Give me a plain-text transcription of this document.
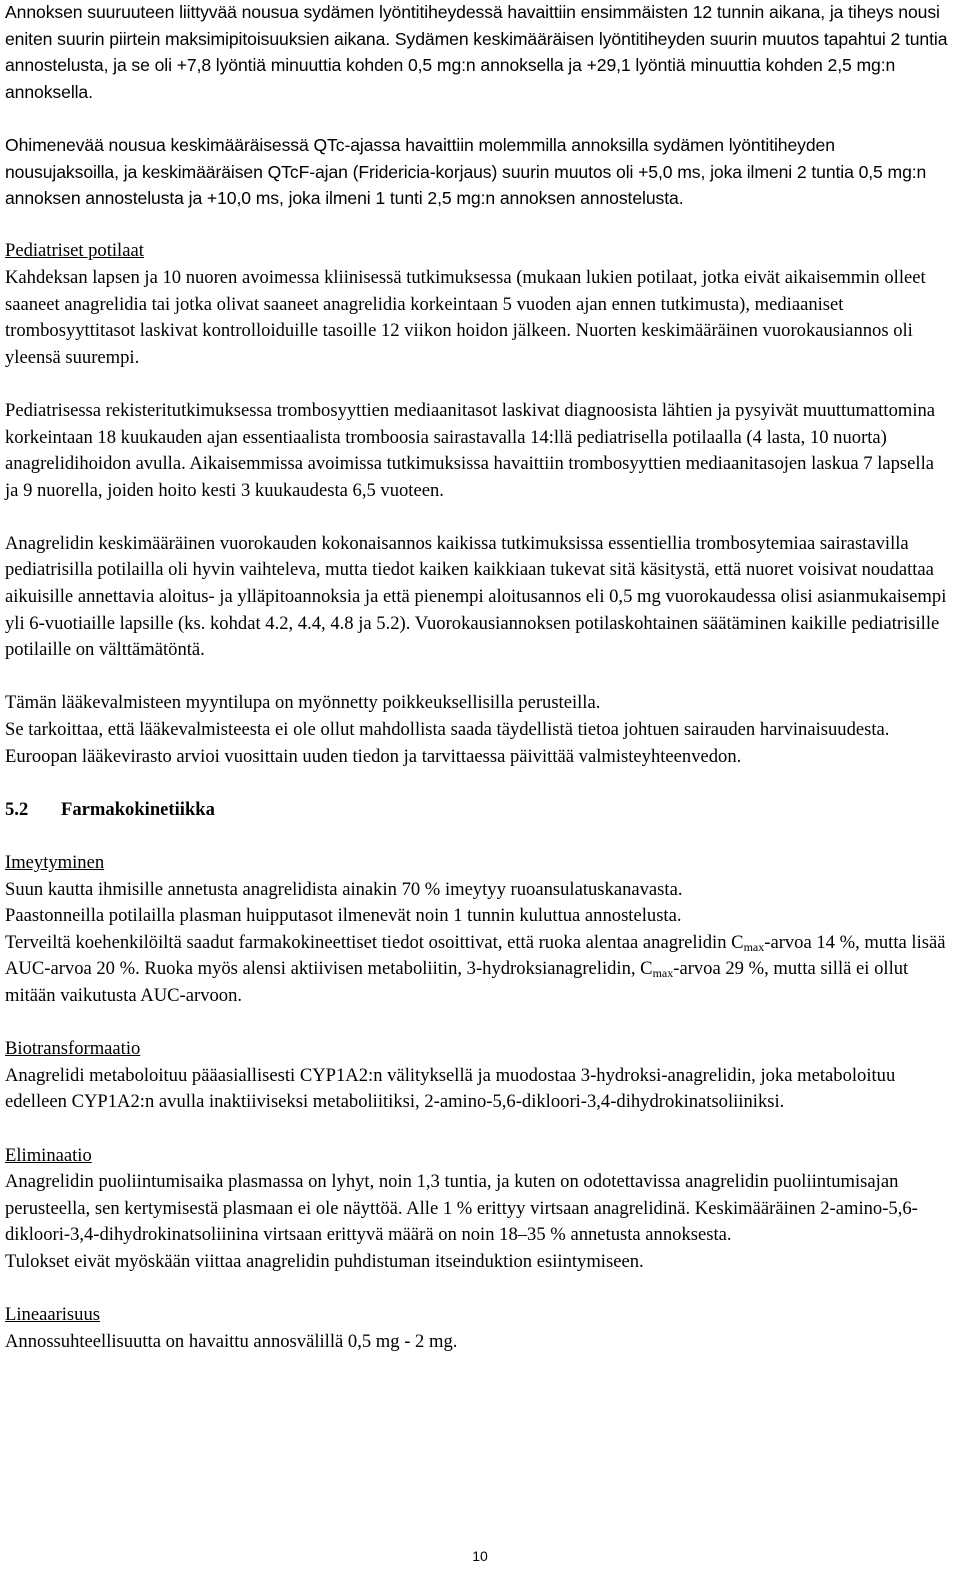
Annoksen suuruuteen liittyvää nousua sydämen lyöntitiheydessä havaittiin ensimmäisten 12 tunnin aikana, ja tiheys nousi eniten suurin piirtein maksimipitoisuuksien aikana. Sydämen keskimääräisen lyöntitiheyden suurin muutos tapahtui 2 tuntia annostelusta, ja se oli +7,8 lyöntiä minuuttia kohden 0,5 mg:n annoksella ja +29,1 lyöntiä minuuttia kohden 2,5 mg:n annoksella.

Ohimenevää nousua keskimääräisessä QTc-ajassa havaittiin molemmilla annoksilla sydämen lyöntitiheyden nousujaksoilla, ja keskimääräisen QTcF-ajan (Fridericia-korjaus) suurin muutos oli +5,0 ms, joka ilmeni 2 tuntia 0,5 mg:n annoksen annostelusta ja +10,0 ms, joka ilmeni 1 tunti 2,5 mg:n annoksen annostelusta.

Pediatriset potilaat

Kahdeksan lapsen ja 10 nuoren avoimessa kliinisessä tutkimuksessa (mukaan lukien potilaat, jotka eivät aikaisemmin olleet saaneet anagrelidia tai jotka olivat saaneet anagrelidia korkeintaan 5 vuoden ajan ennen tutkimusta), mediaaniset trombosyyttitasot laskivat kontrolloiduille tasoille 12 viikon hoidon jälkeen. Nuorten keskimääräinen vuorokausiannos oli yleensä suurempi.

Pediatrisessa rekisteritutkimuksessa trombosyyttien mediaanitasot laskivat diagnoosista lähtien ja pysyivät muuttumattomina korkeintaan 18 kuukauden ajan essentiaalista tromboosia sairastavalla 14:llä pediatrisella potilaalla (4 lasta, 10 nuorta) anagrelidihoidon avulla. Aikaisemmissa avoimissa tutkimuksissa havaittiin trombosyyttien mediaanitasojen laskua 7 lapsella ja 9 nuorella, joiden hoito kesti 3 kuukaudesta 6,5 vuoteen.

Anagrelidin keskimääräinen vuorokauden kokonaisannos kaikissa tutkimuksissa essentiellia trombosytemiaa sairastavilla pediatrisilla potilailla oli hyvin vaihteleva, mutta tiedot kaiken kaikkiaan tukevat sitä käsitystä, että nuoret voisivat noudattaa aikuisille annettavia aloitus- ja ylläpitoannoksia ja että pienempi aloitusannos eli 0,5 mg vuorokaudessa olisi asianmukaisempi yli 6-vuotiaille lapsille (ks. kohdat 4.2, 4.4, 4.8 ja 5.2). Vuorokausiannoksen potilaskohtainen säätäminen kaikille pediatrisille potilaille on välttämätöntä.

Tämän lääkevalmisteen myyntilupa on myönnetty poikkeuksellisilla perusteilla.

Se tarkoittaa, että lääkevalmisteesta ei ole ollut mahdollista saada täydellistä tietoa johtuen sairauden harvinaisuudesta.

Euroopan lääkevirasto arvioi vuosittain uuden tiedon ja tarvittaessa päivittää valmisteyhteenvedon.

5.2	Farmakokinetiikka

Imeytyminen

Suun kautta ihmisille annetusta anagrelidista ainakin 70 % imeytyy ruoansulatuskanavasta.

Paastonneilla potilailla plasman huipputasot ilmenevät noin 1 tunnin kuluttua annostelusta.

Terveiltä koehenkilöiltä saadut farmakokineettiset tiedot osoittivat, että ruoka alentaa anagrelidin $C_{max}$-arvoa 14 %, mutta lisää AUC-arvoa 20 %. Ruoka myös alensi aktiivisen metaboliitin, 3-hydroksianagrelidin, $C_{max}$-arvoa 29 %, mutta sillä ei ollut mitään vaikutusta AUC-arvoon.

Biotransformaatio

Anagrelidi metaboloituu pääasiallisesti CYP1A2:n välityksellä ja muodostaa 3-hydroksi-anagrelidin, joka metaboloituu edelleen CYP1A2:n avulla inaktiiviseksi metaboliitiksi, 2-amino-5,6-dikloori-3,4-dihydrokinatsoliiniksi.

Eliminaatio

Anagrelidin puoliintumisaika plasmassa on lyhyt, noin 1,3 tuntia, ja kuten on odotettavissa anagrelidin puoliintumisajan perusteella, sen kertymisestä plasmaan ei ole näyttöä. Alle 1 % erittyy virtsaan anagrelidinä. Keskimääräinen 2-amino-5,6-dikloori-3,4-dihydrokinatsoliinina virtsaan erittyvä määrä on noin 18–35 % annetusta annoksesta.

Tulokset eivät myöskään viittaa anagrelidin puhdistuman itseinduktion esiintymiseen.

Lineaarisuus

Annossuhteellisuutta on havaittu annosvälillä 0,5 mg - 2 mg.

10
